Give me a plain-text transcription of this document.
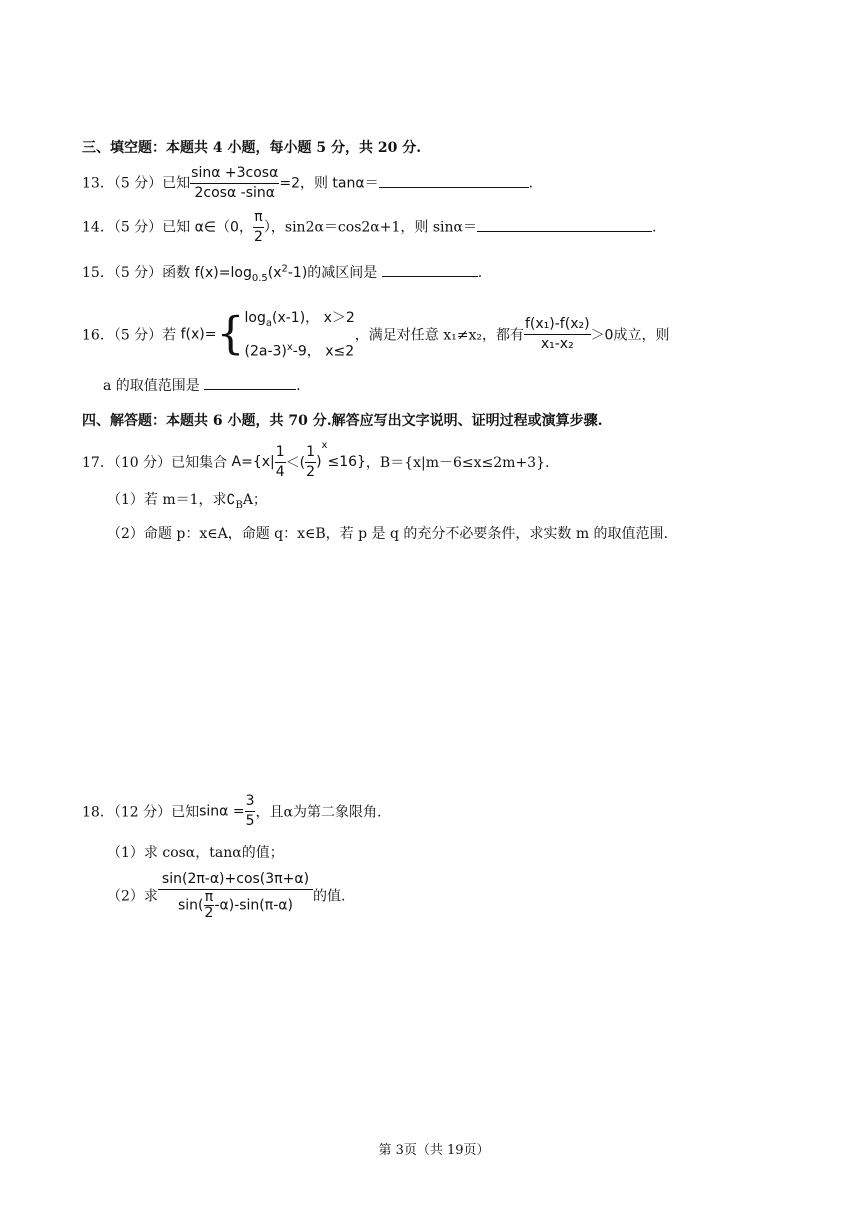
三、填空题：本题共 4 小题，每小题 5 分，共 20 分.
13．（5 分）已知 $\frac{\sin\alpha +3\cos\alpha}{2\cos\alpha -\sin\alpha} =2$，则 tanα＝	.
14．（5 分）已知 α∈（0， $\frac{\pi}{2}$ ），sin2α＝cos2α+1，则 sinα＝	.
15．（5 分）函数 $f(x)=\log_{0.5}(x^2-1)$的减区间是	.
16．（5 分）若 f(x)={ $\log_a(x-1)$， x＞2
$(2a-3)^x-9$， x≤2
，满足对任意 x₁≠x₂，都有 $\frac{\text{f(x₁)-f(x₂)}}{\text{x₁-x₂}} >0$成立，则
a 的取值范围是	.
四、解答题：本题共 6 小题，共 70 分.解答应写出文字说明、证明过程或演算步骤.
17．（10 分）已知集合 $A=\{x| \frac{1}{4}$ ＜( $\frac{1}{2} )^x\le 16$}，B＝{x|m－6≤x≤2m+3}.
（1）若 m＝1，求$∁_BA$；
（2）命题 p：x∈A，命题 q：x∈B，若 p 是 q 的充分不必要条件，求实数 m 的取值范围.
18．（12 分）已知$\sin\alpha = \frac{3}{5}$ ，且α为第二象限角.
（1）求 cosα，tanα的值；
（2）求 $\frac{\sin(2\pi-\alpha)+\cos(3\pi+\alpha)}{\sin( \frac{\pi}{2} -\alpha)-\sin(\pi-\alpha)}$ 的值.
第 3页（共 19页）
